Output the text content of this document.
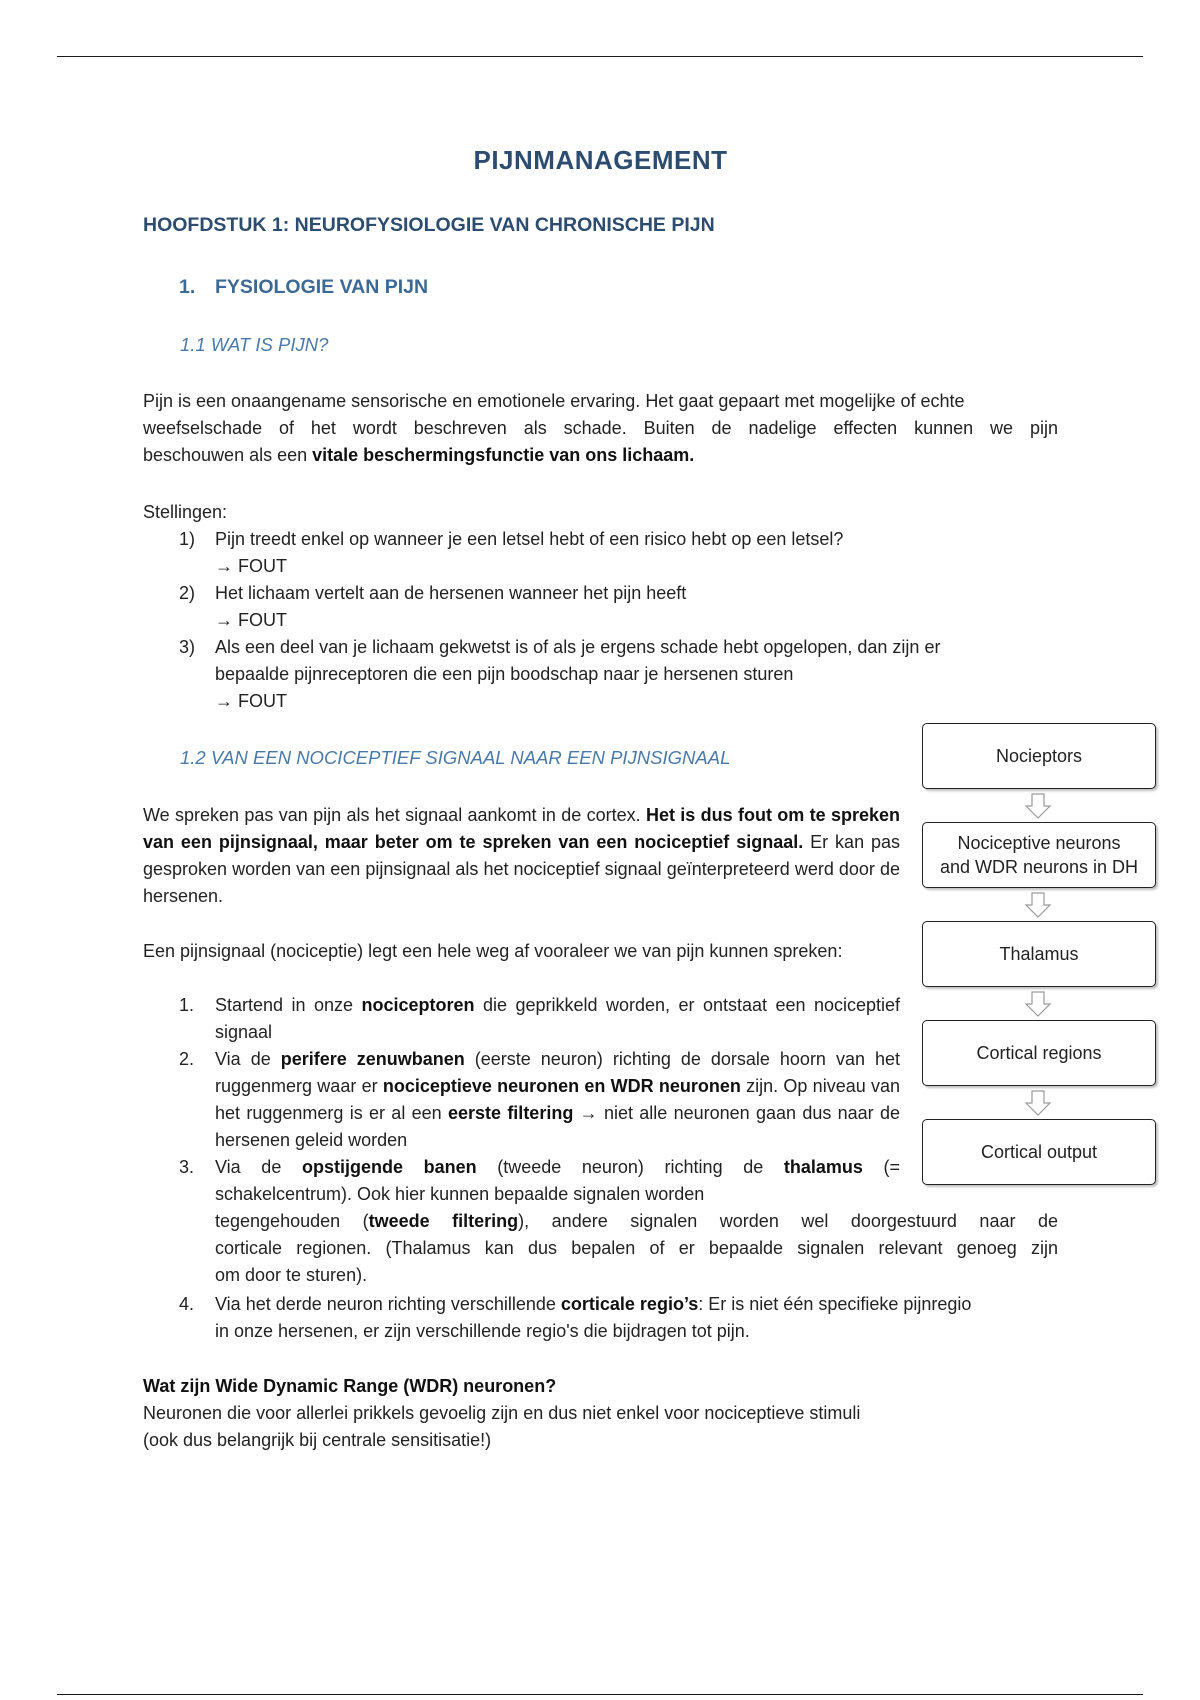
PIJNMANAGEMENT
HOOFDSTUK 1: NEUROFYSIOLOGIE VAN CHRONISCHE PIJN
1. FYSIOLOGIE VAN PIJN
1.1 WAT IS PIJN?
Pijn is een onaangename sensorische en emotionele ervaring. Het gaat gepaart met mogelijke of echte
weefselschade of het wordt beschreven als schade. Buiten de nadelige effecten kunnen we pijn
beschouwen als een vitale beschermingsfunctie van ons lichaam.
Stellingen:
1) Pijn treedt enkel op wanneer je een letsel hebt of een risico hebt op een letsel?
→ FOUT
2) Het lichaam vertelt aan de hersenen wanneer het pijn heeft
→ FOUT
3) Als een deel van je lichaam gekwetst is of als je ergens schade hebt opgelopen, dan zijn er
bepaalde pijnreceptoren die een pijn boodschap naar je hersenen sturen
→ FOUT
1.2 VAN EEN NOCICEPTIEF SIGNAAL NAAR EEN PIJNSIGNAAL
We spreken pas van pijn als het signaal aankomt in de cortex. Het is dus fout om te spreken van een pijnsignaal, maar beter om te spreken van een nociceptief signaal. Er kan pas gesproken worden van een pijnsignaal als het nociceptief signaal geïnterpreteerd werd door de hersenen.
Een pijnsignaal (nociceptie) legt een hele weg af vooraleer we van pijn kunnen spreken:
1. Startend in onze nociceptoren die geprikkeld worden, er ontstaat een nociceptief signaal
2. Via de perifere zenuwbanen (eerste neuron) richting de dorsale hoorn van het ruggenmerg waar er nociceptieve neuronen en WDR neuronen zijn. Op niveau van het ruggenmerg is er al een eerste filtering → niet alle neuronen gaan dus naar de hersenen geleid worden
3. Via de opstijgende banen (tweede neuron) richting de thalamus (= schakelcentrum). Ook hier kunnen bepaalde signalen worden
tegengehouden (tweede filtering), andere signalen worden wel doorgestuurd naar de
corticale regionen. (Thalamus kan dus bepalen of er bepaalde signalen relevant genoeg zijn
om door te sturen).
4. Via het derde neuron richting verschillende corticale regio’s: Er is niet één specifieke pijnregio
in onze hersenen, er zijn verschillende regio's die bijdragen tot pijn.
Wat zijn Wide Dynamic Range (WDR) neuronen?
Neuronen die voor allerlei prikkels gevoelig zijn en dus niet enkel voor nociceptieve stimuli
(ook dus belangrijk bij centrale sensitisatie!)
Nocieptors
Nociceptive neurons
and WDR neurons in DH
Thalamus
Cortical regions
Cortical output
